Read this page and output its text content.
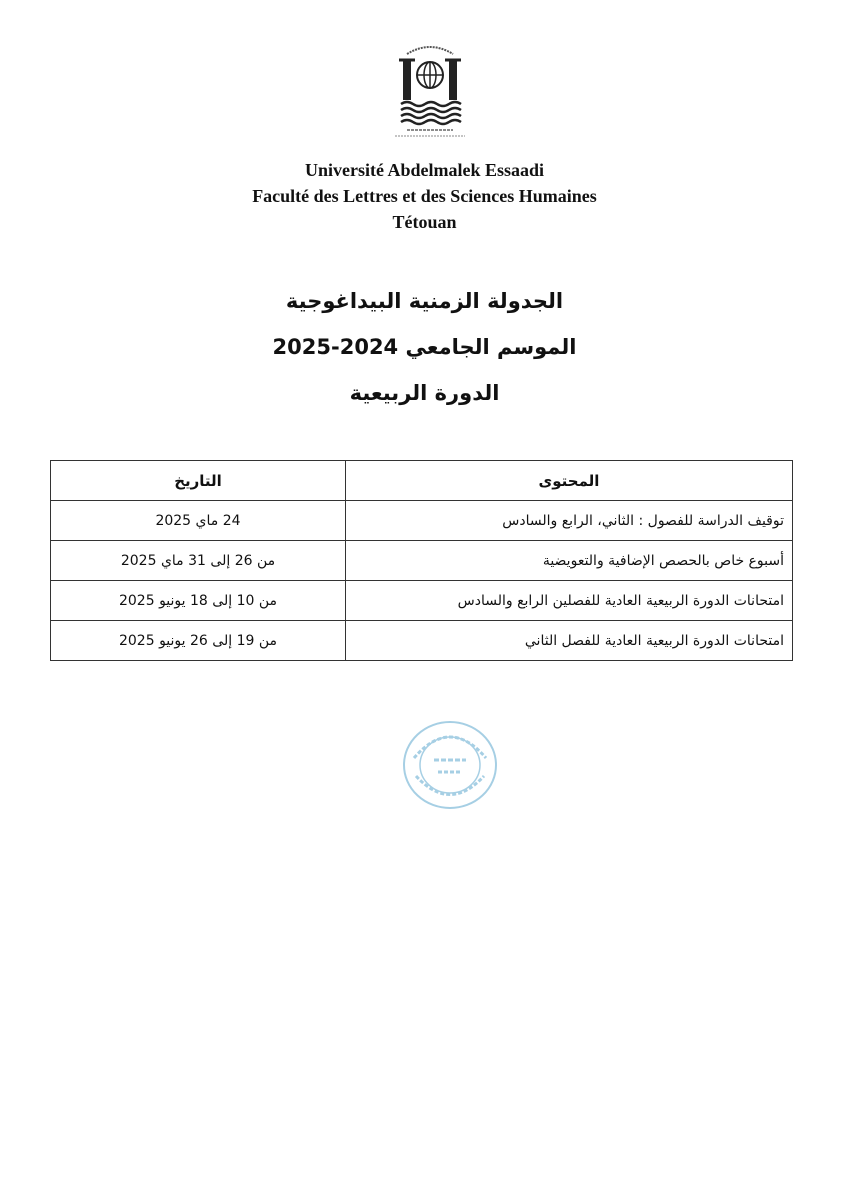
Université Abdelmalek Essaadi
Faculté des Lettres et des Sciences Humaines
Tétouan
الجدولة الزمنية البيداغوجية
الموسم الجامعي 2024-2025
الدورة الربيعية
المحتوى	التاريخ
توقيف الدراسة للفصول : الثاني، الرابع والسادس	24 ماي 2025
أسبوع خاص بالحصص الإضافية والتعويضية	من 26 إلى 31 ماي 2025
امتحانات الدورة الربيعية العادية للفصلين الرابع والسادس	من 10 إلى 18 يونيو 2025
امتحانات الدورة الربيعية العادية للفصل الثاني	من 19 إلى 26 يونيو 2025
